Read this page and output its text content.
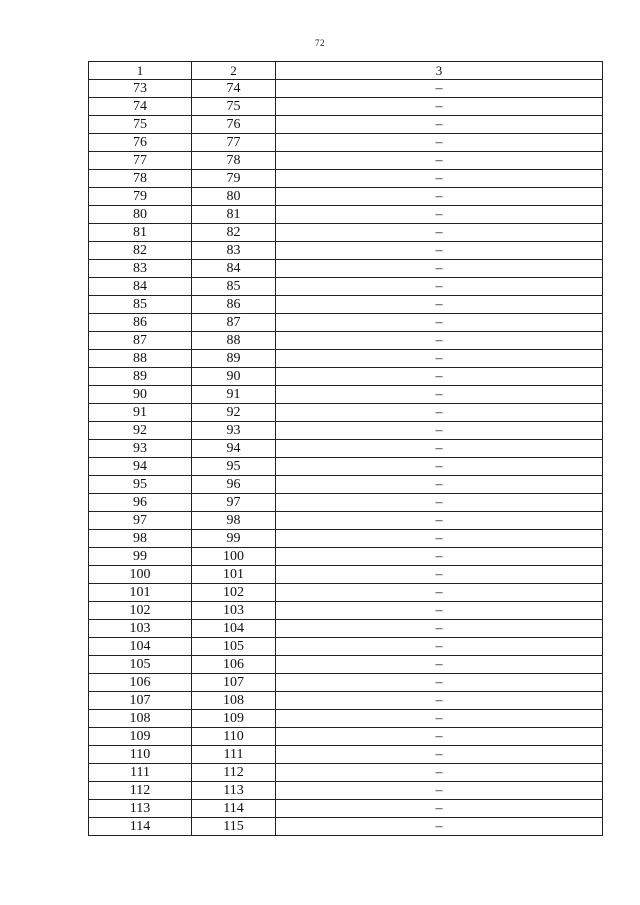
72
1	2	3
73	74	–
74	75	–
75	76	–
76	77	–
77	78	–
78	79	–
79	80	–
80	81	–
81	82	–
82	83	–
83	84	–
84	85	–
85	86	–
86	87	–
87	88	–
88	89	–
89	90	–
90	91	–
91	92	–
92	93	–
93	94	–
94	95	–
95	96	–
96	97	–
97	98	–
98	99	–
99	100	–
100	101	–
101	102	–
102	103	–
103	104	–
104	105	–
105	106	–
106	107	–
107	108	–
108	109	–
109	110	–
110	111	–
111	112	–
112	113	–
113	114	–
114	115	–
